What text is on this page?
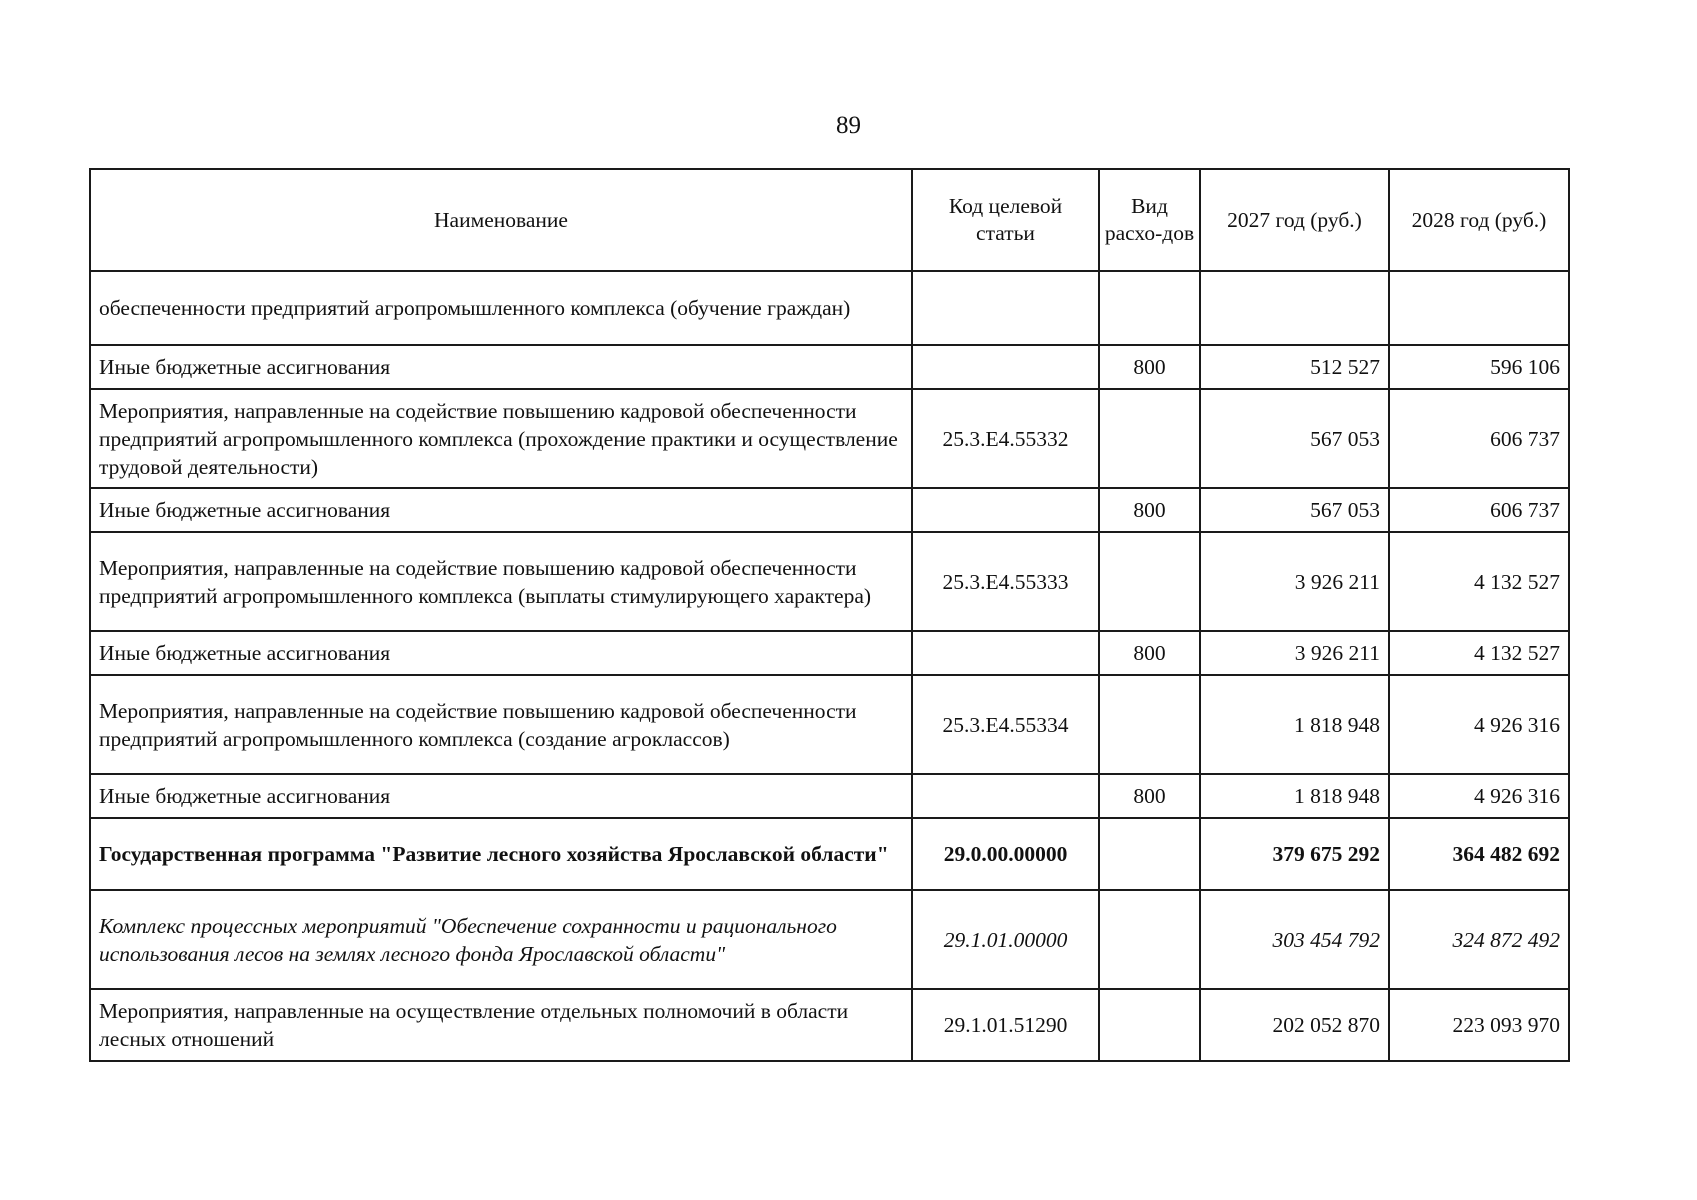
89
Наименование	Код целевой статьи	Вид расхо-дов	2027 год (руб.)	2028 год (руб.)
обеспеченности предприятий агропромышленного комплекса (обучение граждан)				
Иные бюджетные ассигнования		800	512 527	596 106
Мероприятия, направленные на содействие повышению кадровой обеспеченности предприятий агропромышленного комплекса (прохождение практики и осуществление трудовой деятельности)	25.3.Е4.55332		567 053	606 737
Иные бюджетные ассигнования		800	567 053	606 737
Мероприятия, направленные на содействие повышению кадровой обеспеченности предприятий агропромышленного комплекса (выплаты стимулирующего характера)	25.3.Е4.55333		3 926 211	4 132 527
Иные бюджетные ассигнования		800	3 926 211	4 132 527
Мероприятия, направленные на содействие повышению кадровой обеспеченности предприятий агропромышленного комплекса (создание агроклассов)	25.3.Е4.55334		1 818 948	4 926 316
Иные бюджетные ассигнования		800	1 818 948	4 926 316
Государственная программа "Развитие лесного хозяйства Ярославской области"	29.0.00.00000		379 675 292	364 482 692
Комплекс процессных мероприятий "Обеспечение сохранности и рационального использования лесов на землях лесного фонда Ярославской области"	29.1.01.00000		303 454 792	324 872 492
Мероприятия, направленные на осуществление отдельных полномочий в области лесных отношений	29.1.01.51290		202 052 870	223 093 970
